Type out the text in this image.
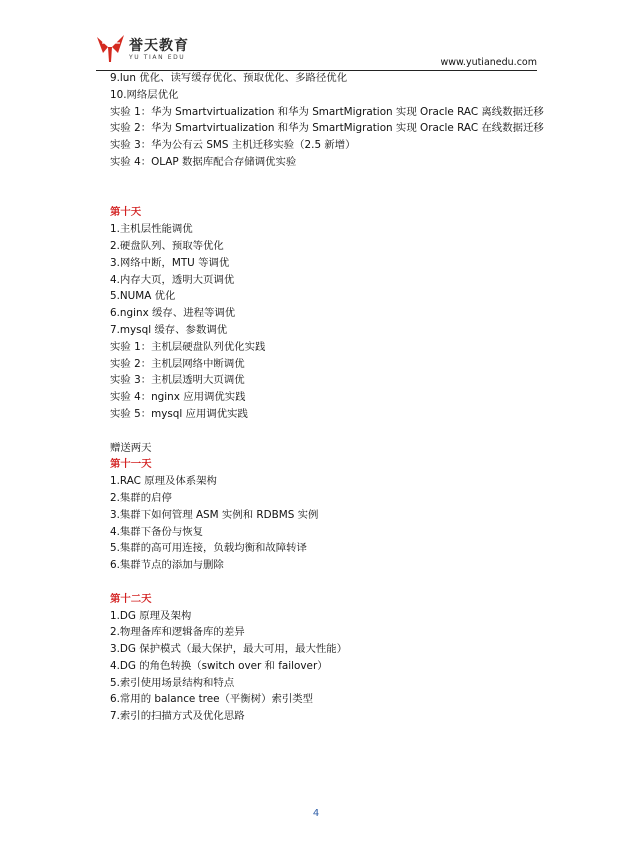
誉天教育
YU TIAN EDU	www.yutianedu.com
9.lun 优化、读写缓存优化、预取优化、多路径优化
10.网络层优化
实验 1：华为 Smartvirtualization 和华为 SmartMigration 实现 Oracle RAC 离线数据迁移
实验 2：华为 Smartvirtualization 和华为 SmartMigration 实现 Oracle RAC 在线数据迁移
实验 3：华为公有云 SMS 主机迁移实验（2.5 新增）
实验 4：OLAP 数据库配合存储调优实验
第十天
1.主机层性能调优
2.硬盘队列、预取等优化
3.网络中断，MTU 等调优
4.内存大页，透明大页调优
5.NUMA 优化
6.nginx 缓存、进程等调优
7.mysql 缓存、参数调优
实验 1：主机层硬盘队列优化实践
实验 2：主机层网络中断调优
实验 3：主机层透明大页调优
实验 4：nginx 应用调优实践
实验 5：mysql 应用调优实践
赠送两天
第十一天
1.RAC 原理及体系架构
2.集群的启停
3.集群下如何管理 ASM 实例和 RDBMS 实例
4.集群下备份与恢复
5.集群的高可用连接，负载均衡和故障转译
6.集群节点的添加与删除
第十二天
1.DG 原理及架构
2.物理备库和逻辑备库的差异
3.DG 保护模式（最大保护，最大可用，最大性能）
4.DG 的角色转换（switch over 和 failover）
5.索引使用场景结构和特点
6.常用的 balance tree（平衡树）索引类型
7.索引的扫描方式及优化思路
4
